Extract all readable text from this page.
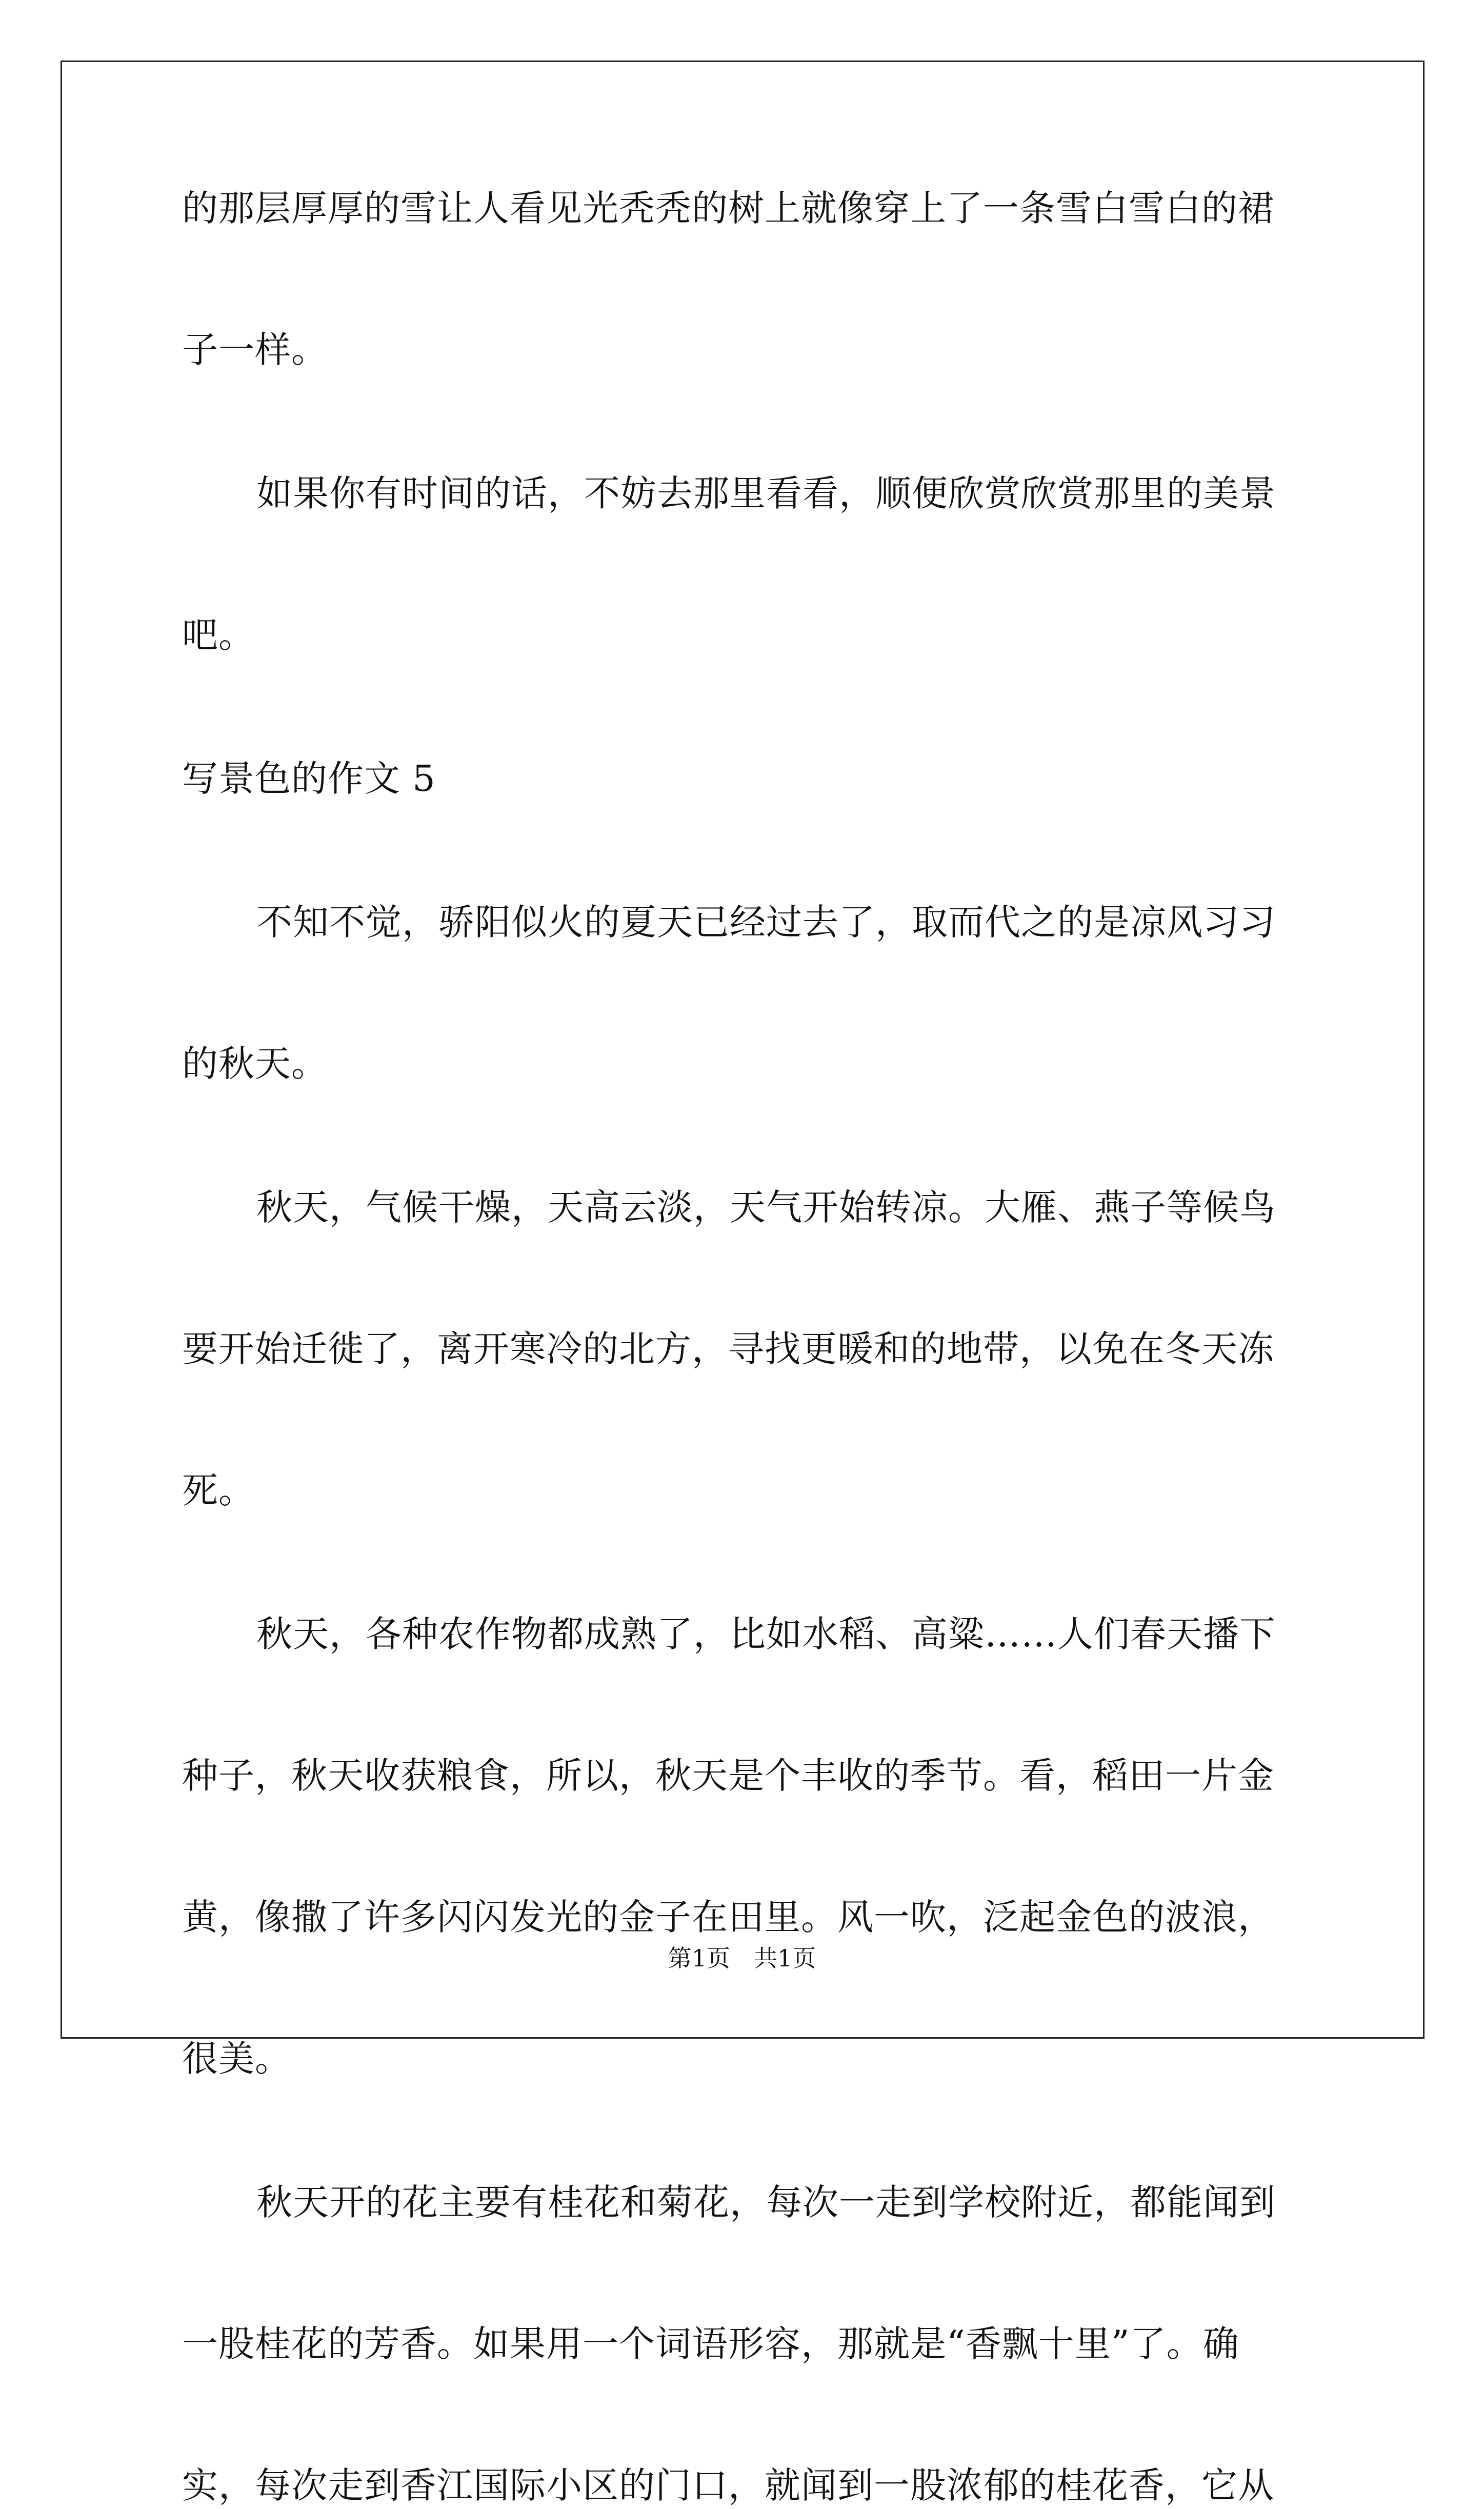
的那层厚厚的雪让人看见光秃秃的树上就像穿上了一条雪白雪白的裙
子一样。
如果你有时间的话，不妨去那里看看，顺便欣赏欣赏那里的美景
吧。
写景色的作文 5
不知不觉，骄阳似火的夏天已经过去了，取而代之的是凉风习习
的秋天。
秋天，气候干燥，天高云淡，天气开始转凉。大雁、燕子等候鸟
要开始迁徙了，离开寒冷的北方，寻找更暖和的地带，以免在冬天冻
死。
秋天，各种农作物都成熟了，比如水稻、高粱……人们春天播下
种子，秋天收获粮食，所以，秋天是个丰收的季节。看，稻田一片金
黄，像撒了许多闪闪发光的金子在田里。风一吹，泛起金色的波浪，
很美。
秋天开的花主要有桂花和菊花，每次一走到学校附近，都能闻到
一股桂花的芳香。如果用一个词语形容，那就是“香飘十里”了。确
实，每次走到香江国际小区的门口，就闻到一股浓郁的桂花香，它从
第1页　共1页
